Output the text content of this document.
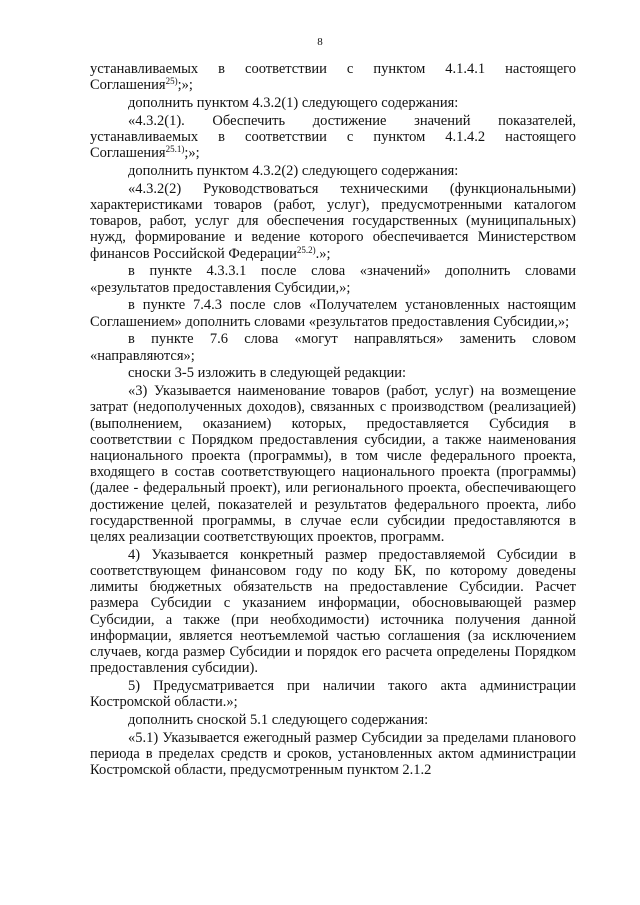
8

устанавливаемых в соответствии с пунктом 4.1.4.1 настоящего Соглашения$^{25)}$;»;

дополнить пунктом 4.3.2(1) следующего содержания:

«4.3.2(1). Обеспечить достижение значений показателей, устанавливаемых в соответствии с пунктом 4.1.4.2 настоящего Соглашения$^{25.1)}$;»;

дополнить пунктом 4.3.2(2) следующего содержания:

«4.3.2(2) Руководствоваться техническими (функциональными) характеристиками товаров (работ, услуг), предусмотренными каталогом товаров, работ, услуг для обеспечения государственных (муниципальных) нужд, формирование и ведение которого обеспечивается Министерством финансов Российской Федерации$^{25.2)}$.»;

в пункте 4.3.3.1 после слова «значений» дополнить словами «результатов предоставления Субсидии,»;

в пункте 7.4.3 после слов «Получателем установленных настоящим Соглашением» дополнить словами «результатов предоставления Субсидии,»;

в пункте 7.6 слова «могут направляться» заменить словом «направляются»;

сноски 3-5 изложить в следующей редакции:

«3) Указывается наименование товаров (работ, услуг) на возмещение затрат (недополученных доходов), связанных с производством (реализацией) (выполнением, оказанием) которых, предоставляется Субсидия в соответствии с Порядком предоставления субсидии, а также наименования национального проекта (программы), в том числе федерального проекта, входящего в состав соответствующего национального проекта (программы) (далее - федеральный проект), или регионального проекта, обеспечивающего достижение целей, показателей и результатов федерального проекта, либо государственной программы, в случае если субсидии предоставляются в целях реализации соответствующих проектов, программ.

4) Указывается конкретный размер предоставляемой Субсидии в соответствующем финансовом году по коду БК, по которому доведены лимиты бюджетных обязательств на предоставление Субсидии. Расчет размера Субсидии с указанием информации, обосновывающей размер Субсидии, а также (при необходимости) источника получения данной информации, является неотъемлемой частью соглашения (за исключением случаев, когда размер Субсидии и порядок его расчета определены Порядком предоставления субсидии).

5) Предусматривается при наличии такого акта администрации Костромской области.»;

дополнить сноской 5.1 следующего содержания:

«5.1) Указывается ежегодный размер Субсидии за пределами планового периода в пределах средств и сроков, установленных актом администрации Костромской области, предусмотренным пунктом 2.1.2
